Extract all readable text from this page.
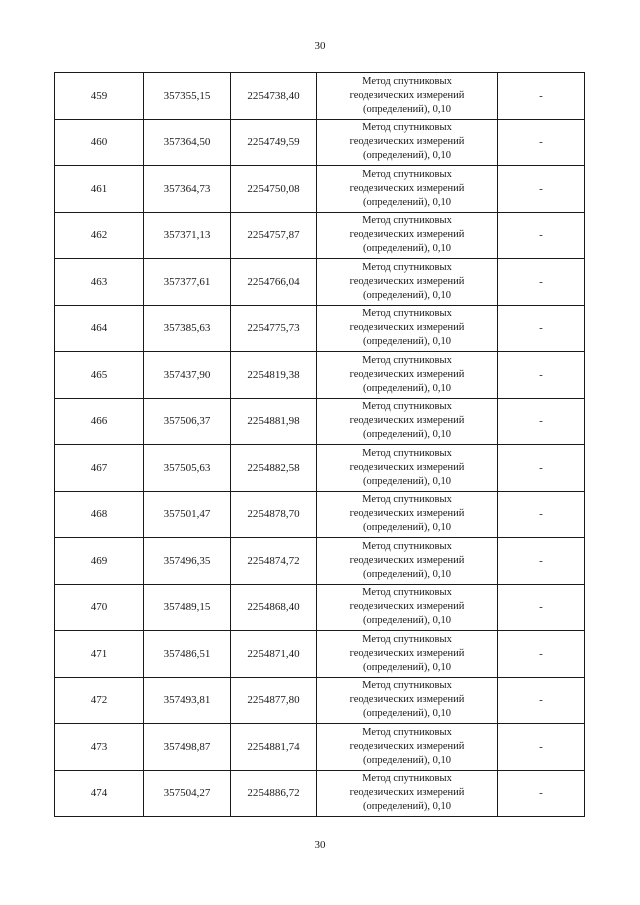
30
459	357355,15	2254738,40	Метод спутниковых
геодезических измерений
(определений), 0,10	-
460	357364,50	2254749,59	Метод спутниковых
геодезических измерений
(определений), 0,10	-
461	357364,73	2254750,08	Метод спутниковых
геодезических измерений
(определений), 0,10	-
462	357371,13	2254757,87	Метод спутниковых
геодезических измерений
(определений), 0,10	-
463	357377,61	2254766,04	Метод спутниковых
геодезических измерений
(определений), 0,10	-
464	357385,63	2254775,73	Метод спутниковых
геодезических измерений
(определений), 0,10	-
465	357437,90	2254819,38	Метод спутниковых
геодезических измерений
(определений), 0,10	-
466	357506,37	2254881,98	Метод спутниковых
геодезических измерений
(определений), 0,10	-
467	357505,63	2254882,58	Метод спутниковых
геодезических измерений
(определений), 0,10	-
468	357501,47	2254878,70	Метод спутниковых
геодезических измерений
(определений), 0,10	-
469	357496,35	2254874,72	Метод спутниковых
геодезических измерений
(определений), 0,10	-
470	357489,15	2254868,40	Метод спутниковых
геодезических измерений
(определений), 0,10	-
471	357486,51	2254871,40	Метод спутниковых
геодезических измерений
(определений), 0,10	-
472	357493,81	2254877,80	Метод спутниковых
геодезических измерений
(определений), 0,10	-
473	357498,87	2254881,74	Метод спутниковых
геодезических измерений
(определений), 0,10	-
474	357504,27	2254886,72	Метод спутниковых
геодезических измерений
(определений), 0,10	-
30
